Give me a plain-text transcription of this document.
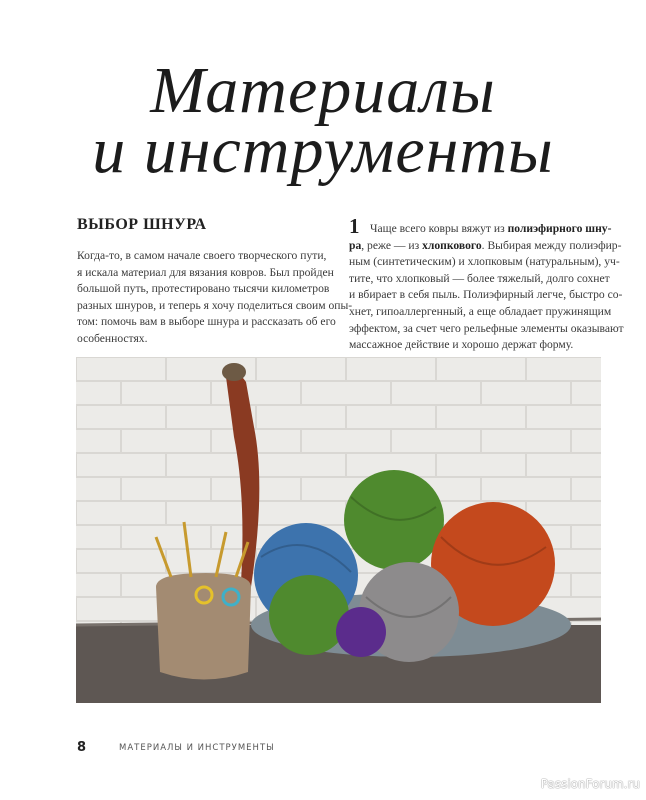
Материалы
и инструменты
ВЫБОР ШНУРА
Когда-то, в самом начале своего творческого пути,
я искала материал для вязания ковров. Был пройден
большой путь, протестировано тысячи километров
разных шнуров, и теперь я хочу поделиться своим опы-
том: помочь вам в выборе шнура и рассказать об его
особенностях.
1 Чаще всего ковры вяжут из полиэфирного шну-
ра, реже — из хлопкового. Выбирая между полиэфир-
ным (синтетическим) и хлопковым (натуральным), уч-
тите, что хлопковый — более тяжелый, долго сохнет
и вбирает в себя пыль. Полиэфирный легче, быстро со-
хнет, гипоаллергенный, а еще обладает пружинящим
эффектом, за счет чего рельефные элементы оказывают
массажное действие и хорошо держат форму.
8	МАТЕРИАЛЫ И ИНСТРУМЕНТЫ
PassionForum.ru
